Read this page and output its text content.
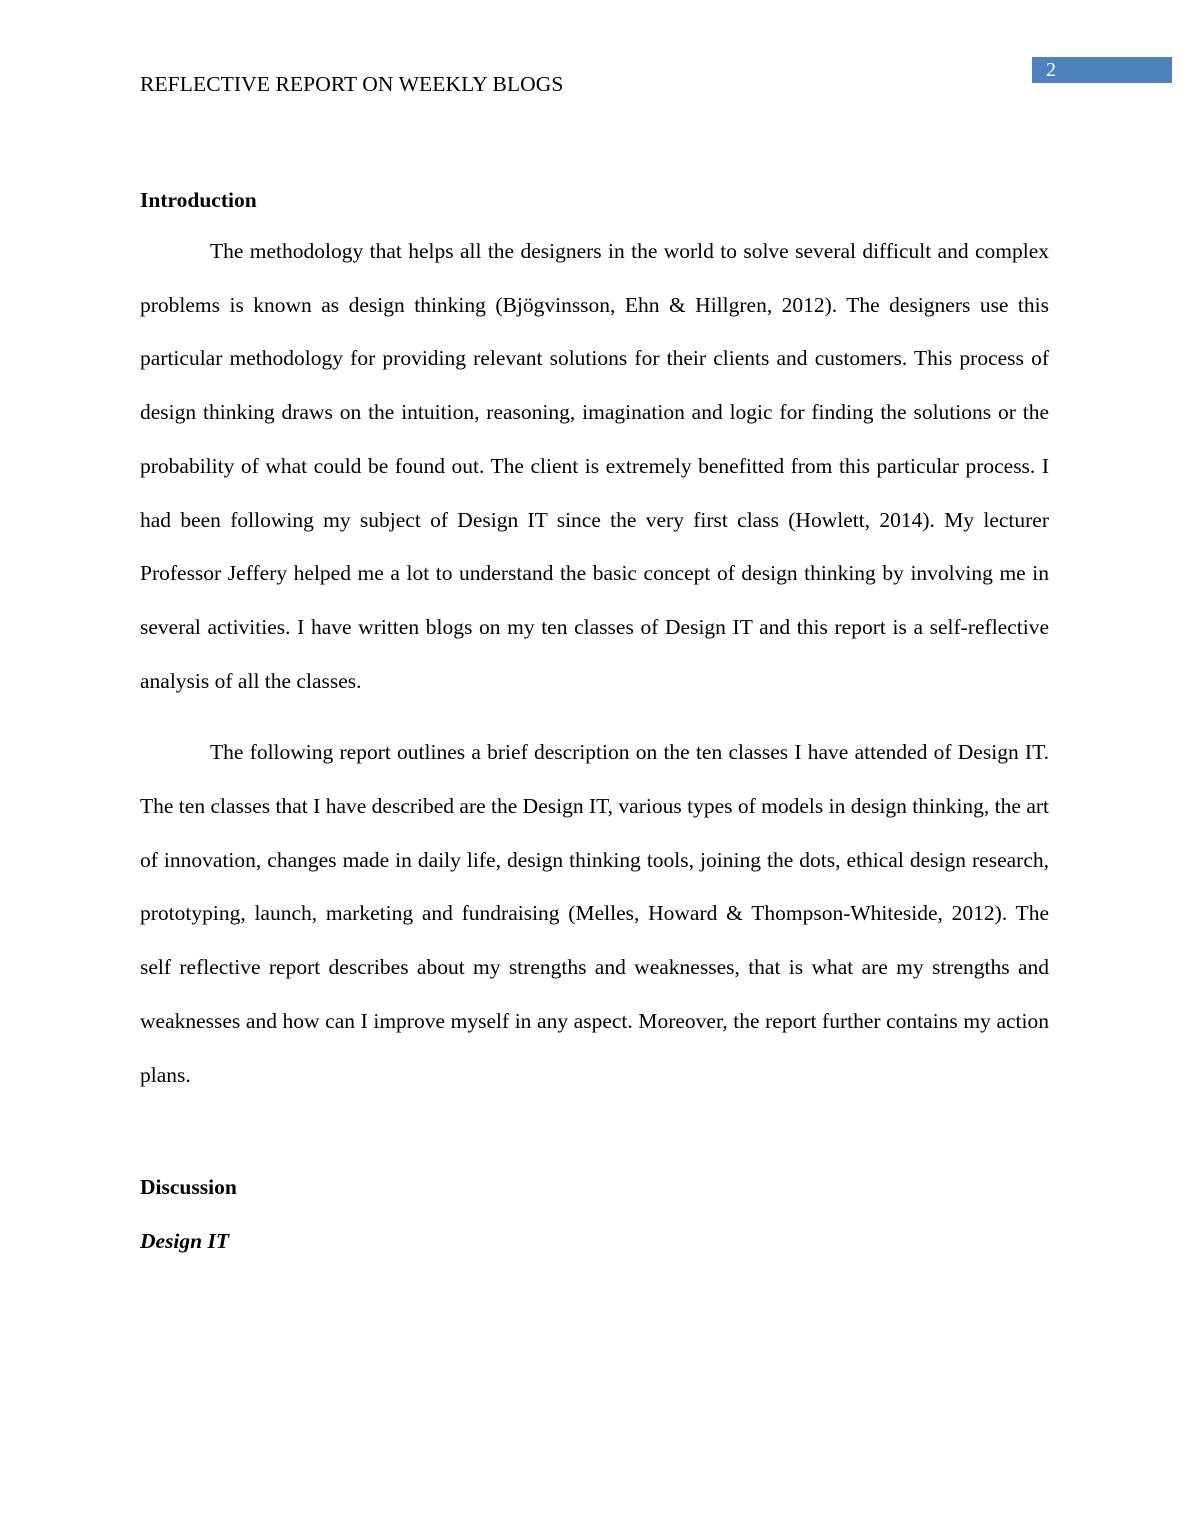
2
REFLECTIVE REPORT ON WEEKLY BLOGS

Introduction

The methodology that helps all the designers in the world to solve several difficult and complex problems is known as design thinking (Bjögvinsson, Ehn & Hillgren, 2012). The designers use this particular methodology for providing relevant solutions for their clients and customers. This process of design thinking draws on the intuition, reasoning, imagination and logic for finding the solutions or the probability of what could be found out. The client is extremely benefitted from this particular process. I had been following my subject of Design IT since the very first class (Howlett, 2014). My lecturer Professor Jeffery helped me a lot to understand the basic concept of design thinking by involving me in several activities. I have written blogs on my ten classes of Design IT and this report is a self-reflective analysis of all the classes.

The following report outlines a brief description on the ten classes I have attended of Design IT. The ten classes that I have described are the Design IT, various types of models in design thinking, the art of innovation, changes made in daily life, design thinking tools, joining the dots, ethical design research, prototyping, launch, marketing and fundraising (Melles, Howard & Thompson-Whiteside, 2012). The self reflective report describes about my strengths and weaknesses, that is what are my strengths and weaknesses and how can I improve myself in any aspect. Moreover, the report further contains my action plans.

Discussion

Design IT
